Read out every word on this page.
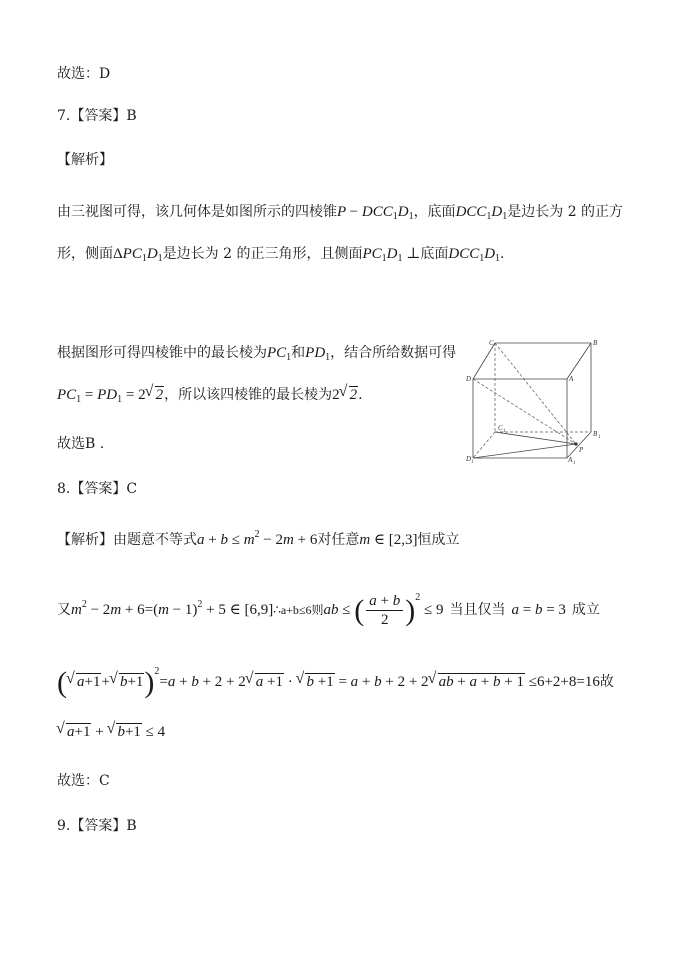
故选：D
7.【答案】B
【解析】
由三视图可得，该几何体是如图所示的四棱锥$P - DCC_1D_1$，底面$DCC_1D_1$是边长为 2 的正方
形，侧面$\Delta PC_1D_1$是边长为 2 的正三角形，且侧面$PC_1D_1$ ⊥底面$DCC_1D_1$.
根据图形可得四棱锥中的最长棱为$PC_1$和$PD_1$，结合所给数据可得
$PC_1 = PD_1 = 2√$ 2，所以该四棱锥的最长棱为2√ 2.
故选B .
C	B
D	A
C 1	B 1
D 1	A 1
P
8.【答案】C
【解析】由题意不等式$a + b \le m^2 - 2m + 6$对任意m ∈ [2,3]恒成立
又$m^2 - 2m + 6=(m - 1)^2 + 5$ ∈ [6,9]∴a+b≤6则ab ≤ ( $\frac{a + b}{2} )^2 \le 9$ 当且仅当 a = b = 3 成立
(√ a+1+√ b+1)$^2$=a + b + 2 + 2√ a +1 · √ b +1 = a + b + 2 + 2√ ab + a + b + 1 ≤6+2+8=16故
√ a+1 + √ b+1 ≤ 4
故选：C
9.【答案】B
